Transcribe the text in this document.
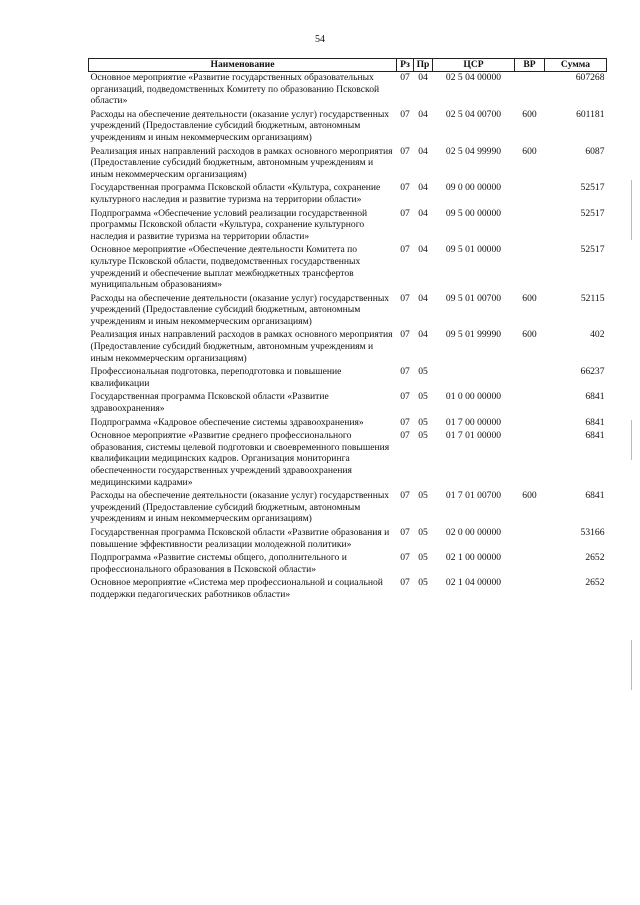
54
Наименование	Рз	Пр	ЦСР	ВР	Сумма
Основное мероприятие «Развитие государственных образовательных организаций, подведомственных Комитету по образованию Псковской области»	07	04	02 5 04 00000		607268
Расходы на обеспечение деятельности (оказание услуг) государственных учреждений (Предоставление субсидий бюджетным, автономным учреждениям и иным некоммерческим организациям)	07	04	02 5 04 00700	600	601181
Реализация иных направлений расходов в рамках основного мероприятия (Предоставление субсидий бюджетным, автономным учреждениям и иным некоммерческим организациям)	07	04	02 5 04 99990	600	6087
Государственная программа Псковской области «Культура, сохранение культурного наследия и развитие туризма на территории области»	07	04	09 0 00 00000		52517
Подпрограмма «Обеспечение условий реализации государственной программы Псковской области «Культура, сохранение культурного наследия и развитие туризма на территории области»	07	04	09 5 00 00000		52517
Основное мероприятие «Обеспечение деятельности Комитета по культуре Псковской области, подведомственных государственных учреждений и обеспечение выплат межбюджетных трансфертов муниципальным образованиям»	07	04	09 5 01 00000		52517
Расходы на обеспечение деятельности (оказание услуг) государственных учреждений (Предоставление субсидий бюджетным, автономным учреждениям и иным некоммерческим организациям)	07	04	09 5 01 00700	600	52115
Реализация иных направлений расходов в рамках основного мероприятия (Предоставление субсидий бюджетным, автономным учреждениям и иным некоммерческим организациям)	07	04	09 5 01 99990	600	402
Профессиональная подготовка, переподготовка и повышение квалификации	07	05			66237
Государственная программа Псковской области «Развитие здравоохранения»	07	05	01 0 00 00000		6841
Подпрограмма «Кадровое обеспечение системы здравоохранения»	07	05	01 7 00 00000		6841
Основное мероприятие «Развитие среднего профессионального образования, системы целевой подготовки и своевременного повышения квалификации медицинских кадров. Организация мониторинга обеспеченности государственных учреждений здравоохранения медицинскими кадрами»	07	05	01 7 01 00000		6841
Расходы на обеспечение деятельности (оказание услуг) государственных учреждений (Предоставление субсидий бюджетным, автономным учреждениям и иным некоммерческим организациям)	07	05	01 7 01 00700	600	6841
Государственная программа Псковской области «Развитие образования и повышение эффективности реализации молодежной политики»	07	05	02 0 00 00000		53166
Подпрограмма «Развитие системы общего, дополнительного и профессионального образования в Псковской области»	07	05	02 1 00 00000		2652
Основное мероприятие «Система мер профессиональной и социальной поддержки педагогических работников области»	07	05	02 1 04 00000		2652
